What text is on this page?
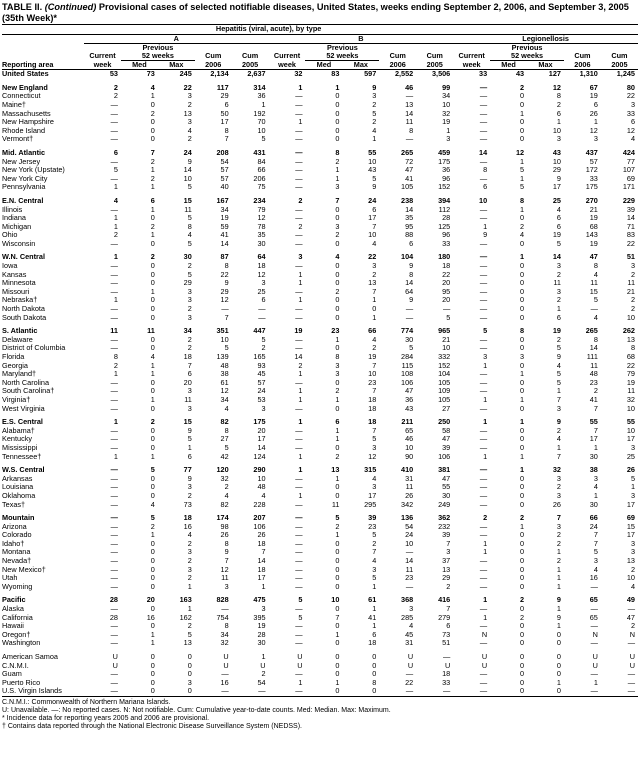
TABLE II. (Continued) Provisional cases of selected notifiable diseases, United States, weeks ending September 2, 2006, and September 3, 2005
(35th Week)*
	Hepatitis (viral, acute), by type														
	A					B					Legionellosis				
		Previous					Previous					Previous			
	Current	52 weeks		Cum	Cum	Current	52 weeks		Cum	Cum	Current	52 weeks		Cum	Cum
Reporting area	week	Med	Max	2006	2005	week	Med	Max	2006	2005	week	Med	Max	2006	2005
United States	53	73	245	2,134	2,637	32	83	597	2,552	3,506	33	43	127	1,310	1,245
New England	2	4	22	117	314	1	1	9	46	99	—	2	12	67	80
Connecticut	2	1	3	29	36	—	0	3	—	34	—	0	8	19	22
Maine†	—	0	2	6	1	—	0	2	13	10	—	0	2	6	3
Massachusetts	—	2	13	50	192	—	0	5	14	32	—	1	6	26	33
New Hampshire	—	0	3	17	70	1	0	2	11	19	—	0	1	1	6
Rhode Island	—	0	4	8	10	—	0	4	8	1	—	0	10	12	12
Vermont†	—	0	2	7	5	—	0	1	—	3	—	0	3	3	4
Mid. Atlantic	6	7	24	208	431	—	8	55	265	459	14	12	43	437	424
New Jersey	—	2	9	54	84	—	2	10	72	175	—	1	10	57	77
New York (Upstate)	5	1	14	57	66	—	1	43	47	36	8	5	29	172	107
New York City	—	2	10	57	206	—	1	5	41	96	—	1	9	33	69
Pennsylvania	1	1	5	40	75	—	3	9	105	152	6	5	17	175	171
E.N. Central	4	6	15	167	234	2	7	24	238	394	10	8	25	270	229
Illinois	—	1	11	34	79	—	0	6	14	112	—	1	4	21	39
Indiana	1	0	5	19	12	—	0	17	35	28	—	0	6	19	14
Michigan	1	2	8	59	78	2	3	7	95	125	1	2	6	68	71
Ohio	2	1	4	41	35	—	2	10	88	96	9	4	19	143	83
Wisconsin	—	0	5	14	30	—	0	4	6	33	—	0	5	19	22
W.N. Central	1	2	30	87	64	3	4	22	104	180	—	1	14	47	51
Iowa	—	0	2	8	18	—	0	3	9	18	—	0	3	8	3
Kansas	—	0	5	22	12	1	0	2	8	22	—	0	2	4	2
Minnesota	—	0	29	9	3	1	0	13	14	20	—	0	11	11	11
Missouri	—	1	3	29	25	—	2	7	64	95	—	0	3	15	21
Nebraska†	1	0	3	12	6	1	0	1	9	20	—	0	2	5	2
North Dakota	—	0	2	—	—	—	0	0	—	—	—	0	1	—	2
South Dakota	—	0	3	7	—	—	0	1	—	5	—	0	6	4	10
S. Atlantic	11	11	34	351	447	19	23	66	774	965	5	8	19	265	262
Delaware	—	0	2	10	5	—	1	4	30	21	—	0	2	8	13
District of Columbia	—	0	2	5	2	—	0	2	5	10	—	0	5	14	8
Florida	8	4	18	139	165	14	8	19	284	332	3	3	9	111	68
Georgia	2	1	7	48	93	2	3	7	115	152	1	0	4	11	22
Maryland†	1	1	6	38	45	1	3	10	108	104	—	1	5	48	79
North Carolina	—	0	20	61	57	—	0	23	106	105	—	0	5	23	19
South Carolina†	—	0	3	12	24	1	2	7	47	109	—	0	1	2	11
Virginia†	—	1	11	34	53	1	1	18	36	105	1	1	7	41	32
West Virginia	—	0	3	4	3	—	0	18	43	27	—	0	3	7	10
E.S. Central	1	2	15	82	175	1	6	18	211	250	1	1	9	55	55
Alabama†	—	0	9	8	20	—	1	7	65	58	—	0	2	7	10
Kentucky	—	0	5	27	17	—	1	5	46	47	—	0	4	17	17
Mississippi	—	0	1	5	14	—	0	3	10	39	—	0	1	1	3
Tennessee†	1	1	6	42	124	1	2	12	90	106	1	1	7	30	25
W.S. Central	—	5	77	120	290	1	13	315	410	381	—	1	32	38	26
Arkansas	—	0	9	32	10	—	1	4	31	47	—	0	3	3	5
Louisiana	—	0	3	2	48	—	0	3	11	55	—	0	2	4	1
Oklahoma	—	0	2	4	4	1	0	17	26	30	—	0	3	1	3
Texas†	—	4	73	82	228	—	11	295	342	249	—	0	26	30	17
Mountain	—	5	18	174	207	—	5	39	136	362	2	2	7	66	69
Arizona	—	2	16	98	106	—	2	23	54	232	—	1	3	24	15
Colorado	—	1	4	26	26	—	1	5	24	39	—	0	2	7	17
Idaho†	—	0	2	8	18	—	0	2	10	7	1	0	2	7	3
Montana	—	0	3	9	7	—	0	7	—	3	1	0	1	5	3
Nevada†	—	0	2	7	14	—	0	4	14	37	—	0	2	3	13
New Mexico†	—	0	3	12	18	—	0	3	11	13	—	0	1	4	2
Utah	—	0	2	11	17	—	0	5	23	29	—	0	1	16	10
Wyoming	—	0	1	3	1	—	0	1	—	2	—	0	1	—	4
Pacific	28	20	163	828	475	5	10	61	368	416	1	2	9	65	49
Alaska	—	0	1	—	3	—	0	1	3	7	—	0	1	—	—
California	28	16	162	754	395	5	7	41	285	279	1	2	9	65	47
Hawaii	—	0	2	8	19	—	0	1	4	6	—	0	1	—	2
Oregon†	—	1	5	34	28	—	1	6	45	73	N	0	0	N	N
Washington	—	1	13	32	30	—	0	18	31	51	—	0	0	—	—
American Samoa	U	0	0	U	1	U	0	0	U	—	U	0	0	U	U
C.N.M.I.	U	0	0	U	U	U	0	0	U	U	U	0	0	U	U
Guam	—	0	0	—	2	—	0	0	—	18	—	0	0	—	—
Puerto Rico	—	0	3	16	54	1	1	8	22	33	—	0	1	1	—
U.S. Virgin Islands	—	0	0	—	—	—	0	0	—	—	—	0	0	—	—
C.N.M.I.: Commonwealth of Northern Mariana Islands.
U: Unavailable. —: No reported cases. N: Not notifiable. Cum: Cumulative year-to-date counts. Med: Median. Max: Maximum.
* Incidence data for reporting years 2005 and 2006 are provisional.
† Contains data reported through the National Electronic Disease Surveillance System (NEDSS).
